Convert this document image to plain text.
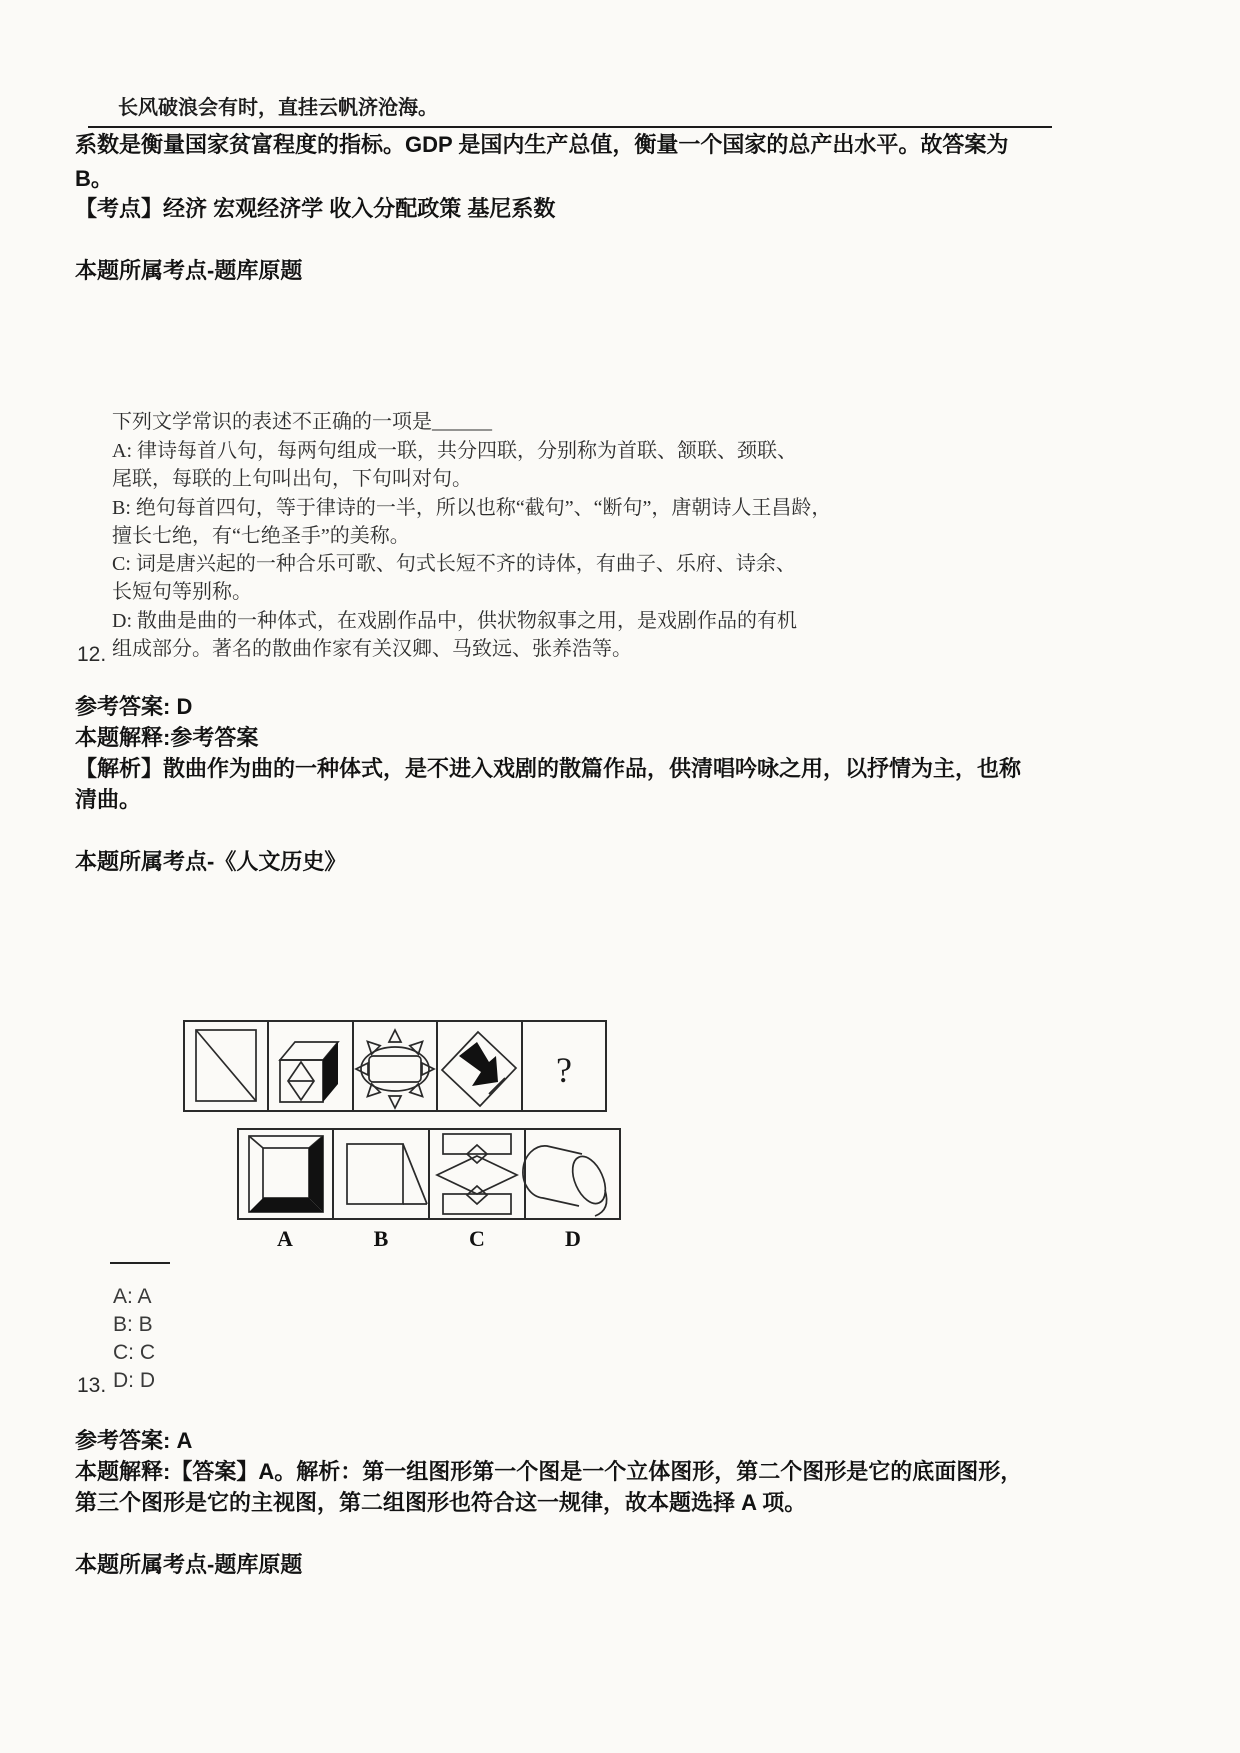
长风破浪会有时，直挂云帆济沧海。
系数是衡量国家贫富程度的指标。GDP 是国内生产总值，衡量一个国家的总产出水平。故答案为
B。
【考点】经济 宏观经济学 收入分配政策 基尼系数
本题所属考点-题库原题
下列文学常识的表述不正确的一项是______
A: 律诗每首八句，每两句组成一联，共分四联，分别称为首联、颔联、颈联、
尾联，每联的上句叫出句，下句叫对句。
B: 绝句每首四句，等于律诗的一半，所以也称“截句”、“断句”，唐朝诗人王昌龄，
擅长七绝，有“七绝圣手”的美称。
C: 词是唐兴起的一种合乐可歌、句式长短不齐的诗体，有曲子、乐府、诗余、
长短句等别称。
D: 散曲是曲的一种体式，在戏剧作品中，供状物叙事之用，是戏剧作品的有机
组成部分。著名的散曲作家有关汉卿、马致远、张养浩等。
12.
参考答案: D
本题解释:参考答案
【解析】散曲作为曲的一种体式，是不进入戏剧的散篇作品，供清唱吟咏之用，以抒情为主，也称
清曲。
本题所属考点-《人文历史》
?
A	B	C	D
A: A
B: B
C: C
D: D
13.
参考答案: A
本题解释:【答案】A。解析：第一组图形第一个图是一个立体图形，第二个图形是它的底面图形，
第三个图形是它的主视图，第二组图形也符合这一规律，故本题选择 A 项。
本题所属考点-题库原题
